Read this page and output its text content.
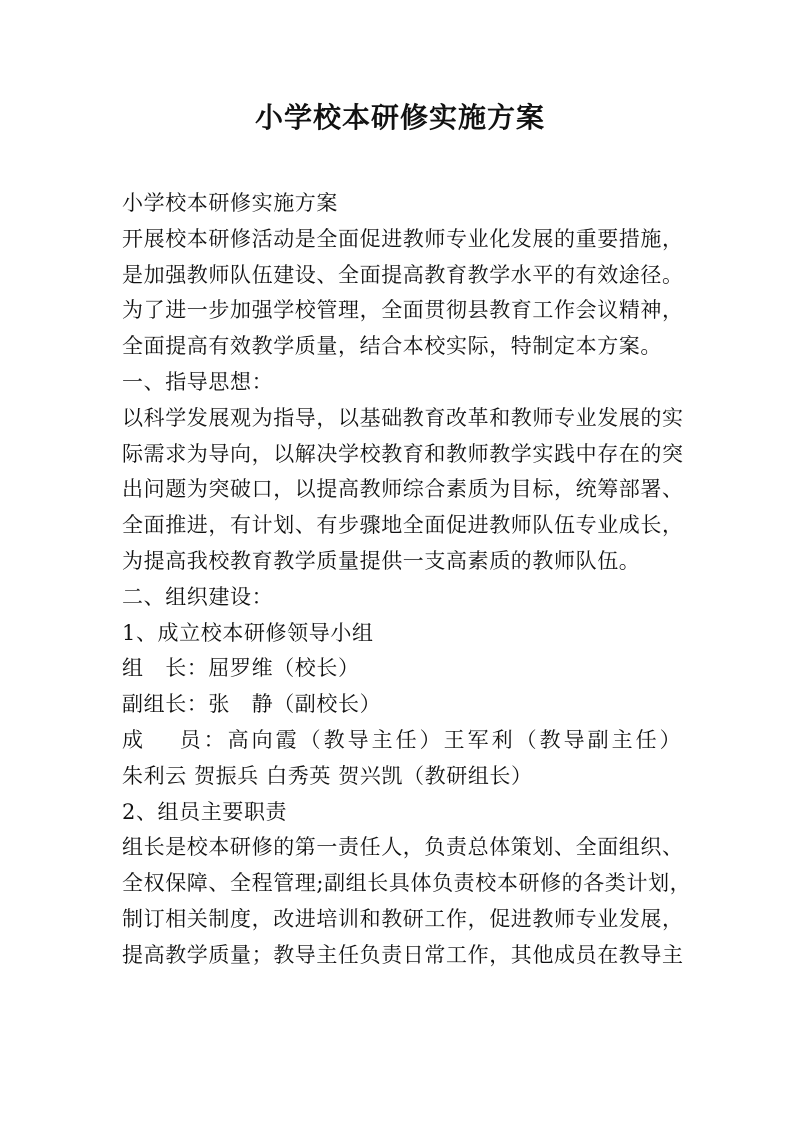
小学校本研修实施方案
小学校本研修实施方案
开展校本研修活动是全面促进教师专业化发展的重要措施，
是加强教师队伍建设、全面提高教育教学水平的有效途径。
为了进一步加强学校管理，全面贯彻县教育工作会议精神，
全面提高有效教学质量，结合本校实际，特制定本方案。
一、指导思想：
以科学发展观为指导，以基础教育改革和教师专业发展的实
际需求为导向，以解决学校教育和教师教学实践中存在的突
出问题为突破口，以提高教师综合素质为目标，统筹部署、
全面推进，有计划、有步骤地全面促进教师队伍专业成长，
为提高我校教育教学质量提供一支高素质的教师队伍。
二、组织建设：
1、成立校本研修领导小组
组　长：屈罗维（校长）
副组长：张　静（副校长）
成　 员：高向霞（教导主任）王军利（教导副主任）
朱利云 贺振兵 白秀英 贺兴凯（教研组长）
2、组员主要职责
组长是校本研修的第一责任人，负责总体策划、全面组织、
全权保障、全程管理;副组长具体负责校本研修的各类计划，
制订相关制度，改进培训和教研工作，促进教师专业发展，
提高教学质量；教导主任负责日常工作，其他成员在教导主
